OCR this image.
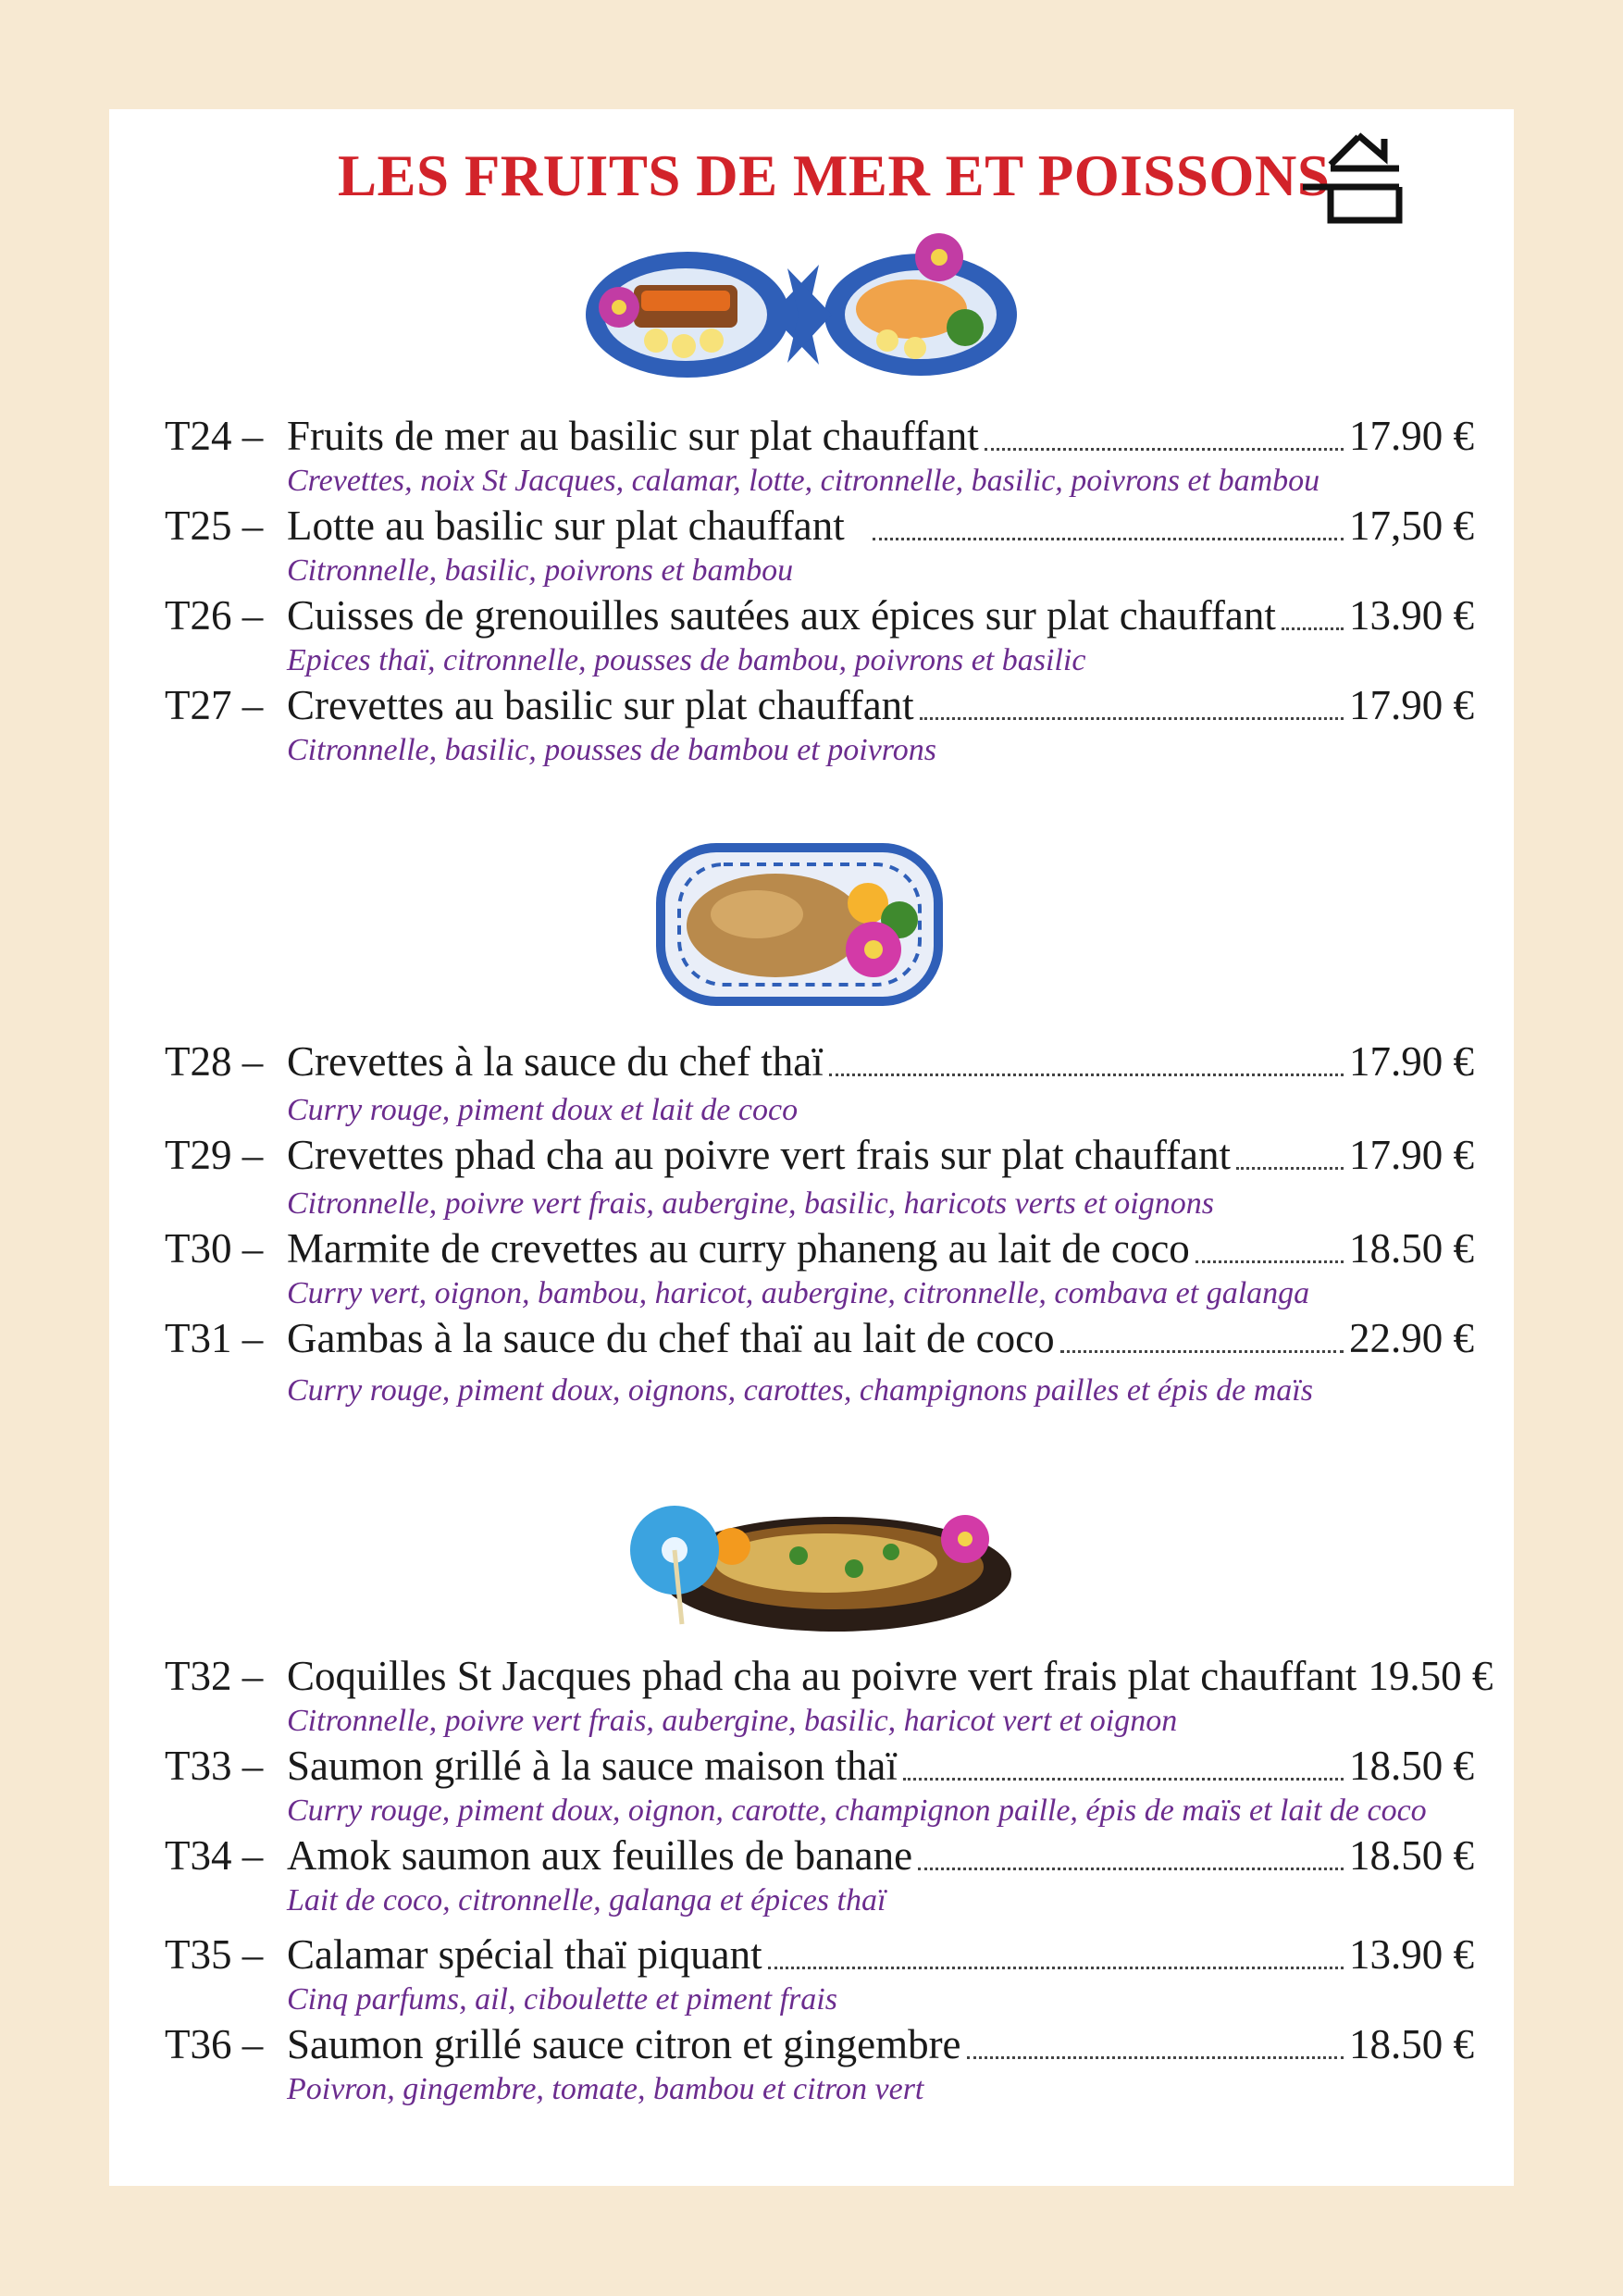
LES FRUITS DE MER ET POISSONS
T24 – Fruits de mer au basilic sur plat chauffant	17.90 €
Crevettes, noix St Jacques, calamar, lotte, citronnelle, basilic, poivrons et bambou
T25 – Lotte au basilic sur plat chauffant	17,50 €
Citronnelle, basilic, poivrons et bambou
T26 – Cuisses de grenouilles sautées aux épices sur plat chauffant 13.90 €
Epices thaï, citronnelle, pousses de bambou, poivrons et basilic
T27 – Crevettes au basilic sur plat chauffant	17.90 €
Citronnelle, basilic, pousses de bambou et poivrons
T28 – Crevettes à la sauce du chef thaï	17.90 €
Curry rouge, piment doux et lait de coco
T29 – Crevettes phad cha au poivre vert frais sur plat chauffant	17.90 €
Citronnelle, poivre vert frais, aubergine, basilic, haricots verts et oignons
T30 – Marmite de crevettes au curry phaneng au lait de coco	18.50 €
Curry vert, oignon, bambou, haricot, aubergine, citronnelle, combava et galanga
T31 – Gambas à la sauce du chef thaï au lait de coco	22.90 €
Curry rouge, piment doux, oignons, carottes, champignons pailles et épis de maïs
T32 – Coquilles St Jacques phad cha au poivre vert frais plat chauffant 19.50 €
Citronnelle, poivre vert frais, aubergine, basilic, haricot vert et oignon
T33 – Saumon grillé à la sauce maison thaï	18.50 €
Curry rouge, piment doux, oignon, carotte, champignon paille, épis de maïs et lait de coco
T34 – Amok saumon aux feuilles de banane	18.50 €
Lait de coco, citronnelle, galanga et épices thaï
T35 – Calamar spécial thaï piquant	13.90 €
Cinq parfums, ail, ciboulette et piment frais
T36 – Saumon grillé sauce citron et gingembre	18.50 €
Poivron, gingembre, tomate, bambou et citron vert
